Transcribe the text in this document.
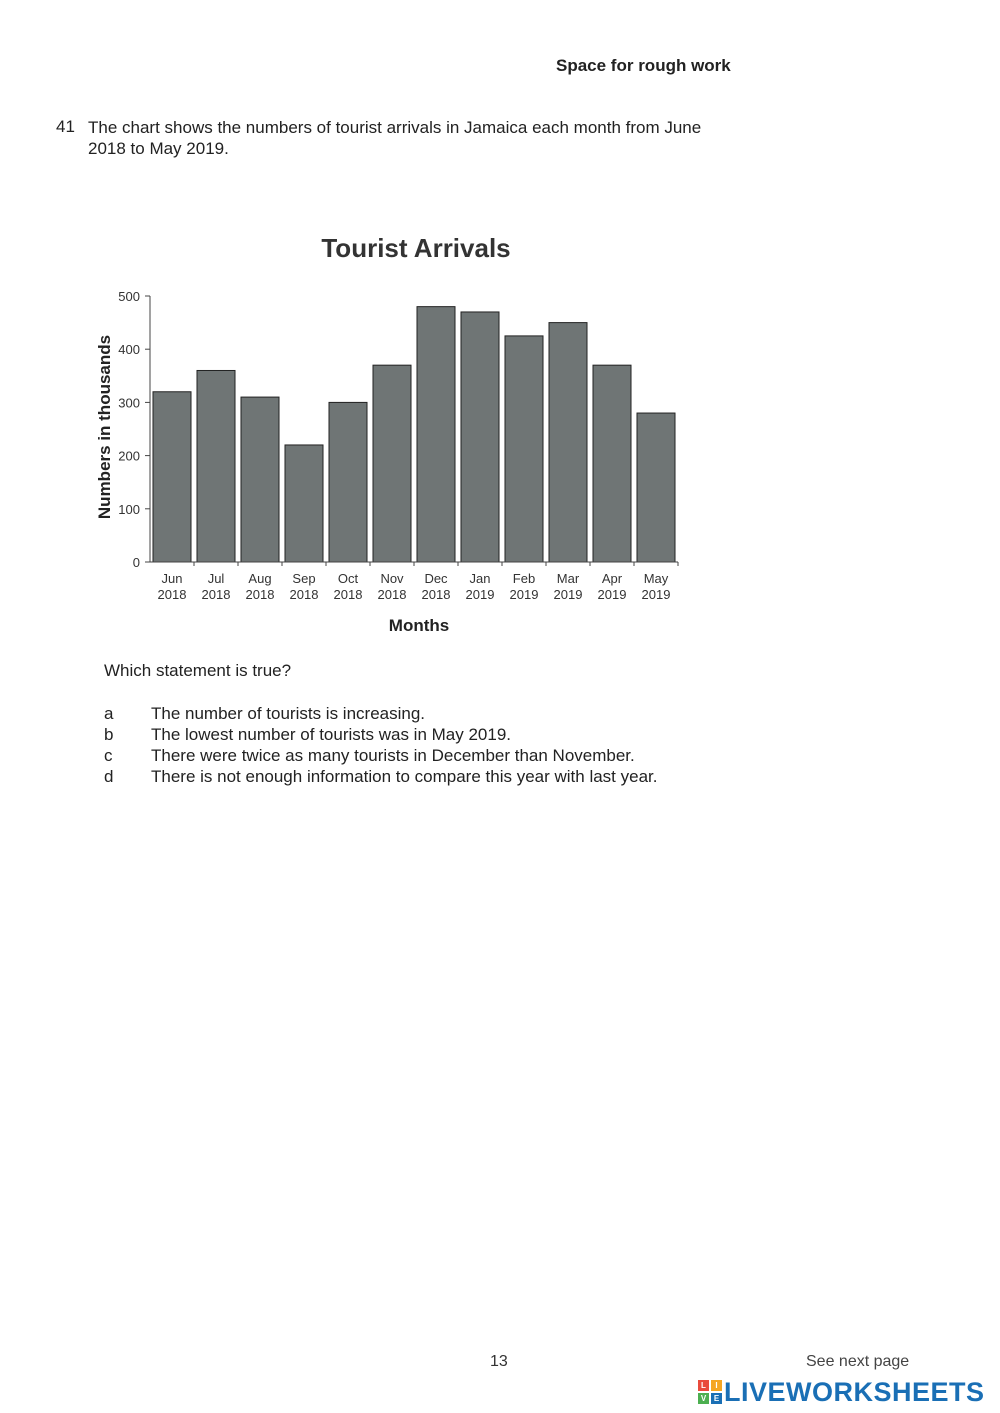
Space for rough work
41 The chart shows the numbers of tourist arrivals in Jamaica each month from June 2018 to May 2019.
Tourist Arrivals
0
100
200
300
400
500
Jun 2018
Jul 2018
Aug 2018
Sep 2018
Oct 2018
Nov 2018
Dec 2018
Jan 2019
Feb 2019
Mar 2019
Apr 2019
May 2019
Numbers in thousands
Months
Which statement is true?
a	The number of tourists is increasing.
b	The lowest number of tourists was in May 2019.
c	There were twice as many tourists in December than November.
d	There is not enough information to compare this year with last year.
13	See next page
L	I
V E LIVEWORKSHEETS
